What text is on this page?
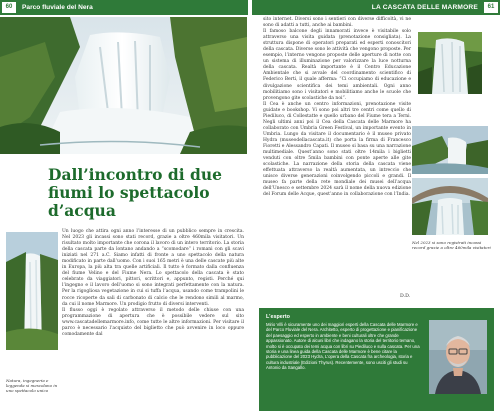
60	Parco fluviale del Nera	LA CASCATA DELLE MARMORE	61
Dall’incontro di due fiumi lo spettacolo d’acqua

Natura, ingegneria e leggenda si mescolano in uno spettacolo unico

Un luogo che attira ogni anno l’interesse di un pubblico sempre in crescita. Nel 2023 gli incassi sono stati record, grazie a oltre 460mila visitatori. Un risultato molto importante che corona il lavoro di un intero territorio. La storia della cascata parte da lontano andando a “scomodare” i romani con gli scavi iniziati nel 271 a.C. Siamo infatti di fronte a uno spettacolo della natura modificato in parte dall’uomo. Con i suoi 165 metri è una delle cascate più alte in Europa, la più alta tra quelle artificiali. Il tutto è formato dalla confluenza del fiume Velino e del Fiume Nera. Lo spettacolo della cascata è stato celebrato da viaggiatori, pittori, scrittori e, appunto, registi. Perché qui l’ingegno e il lavoro dell’uomo si sono integrati perfettamente con la natura. Per la rigogliosa vegetazione in cui si tuffa l’acqua, usando come trampolini le rocce ricoperte da sali di carbonato di calcio che le rendono simili al marmo, da cui il nome Marmore. Un prodigio frutto di diversi interventi.

Il flusso oggi è regolato attraverso il metodo delle chiuse con una programmazione di apertura che è possibile vedere sul sito www.cascatadellemarmore.info, come tutte le altre informazioni. Per visitare il parco è necessario l’acquisto del biglietto che può avvenire in loco oppure comodamente dal

sito internet. Diversi sono i sentieri con diverse difficoltà, vi ne sono di adatti a tutti, anche ai bambini.

Il famoso balcone degli innamorati invece è visitabile solo attraverso una visita guidata (prenotazione consigliata). La struttura dispone di operatori preparati ed esperti conoscitori della cascata. Diverse sono le attività che vengono proposte. Per esempio, l’interno vengono proposte delle aperture di notte con un sistema di illuminazione per valorizzare la luce notturna della cascata. Realtà importante è il Centro Educazione Ambientale che si avvale del coordinamento scientifico di Federico Berti, il quale afferma: “Ci occupiamo di educazione e divulgazione scientifica dei temi ambientali. Ogni anno mobilitiamo sono i visitatori e mobilitiamo anche le scuole che provengono gite scolastiche da noi”.

Il Cea è anche un centro informazioni, prenotazione visite guidate e bookshop. Vi sono poi altri tre centri come quello di Piediluco, di Collestatte e quello urbano del Fiume tera a Terni. Negli ultimi anni poi il Cea della Cascata delle Marmore ha collaborato con Umbria Green Festival, un importante evento in Umbria. Lungo da visitare il documentario è il museo privato Hydra (museodellacascata.it) che porta la firma di Francesco Fioretti e Alessandro Capati. Il museo si basa su una narrazione multimediale. Quest’anno sono stati oltre 14mila i biglietti venduti con oltre 5mila bambini con ponte aperte alle gite scolastiche. La narrazione della storia della cascata viene effettuata attraverso la realtà aumentata, un intreccio che unisce diverse generazioni coinvolgendo piccoli e grandi. Il museo fa parte della rete mondiale dei musei dell’acqua dell’Unesco e settembre 2024 sarà il nome della nuova edizione del Forum delle Acque, quest’anno in collaborazione con l’India.

D.D.

Nel 2023 si sono registrati incassi record grazie a oltre 460mila visitatori

L’esperto

Mirio Villi è sicuramente uno dei maggiori esperti della Cascata delle Marmore e del Parco Fluviale del Nera. Architetto, esperto di progettazione e pianificazione del paesaggio ed esperto in ambiente e beni culturali oltre che grande appassionato. Autore di alcuni libri che indagano la storia del territorio ternano, molto si è occupato dei temi acqua con libri su Piediluco e sulla cascata. Per una storia e una linea guida della Cascata delle Marmore è bene citare la pubblicazione del 2023 Hydra, L’opera della Cascata fra archeologia, storia e cultura industriale (Edizioni Thyrus). Recentemente, sono usciti gli studi su Antonio da Sangallo.
